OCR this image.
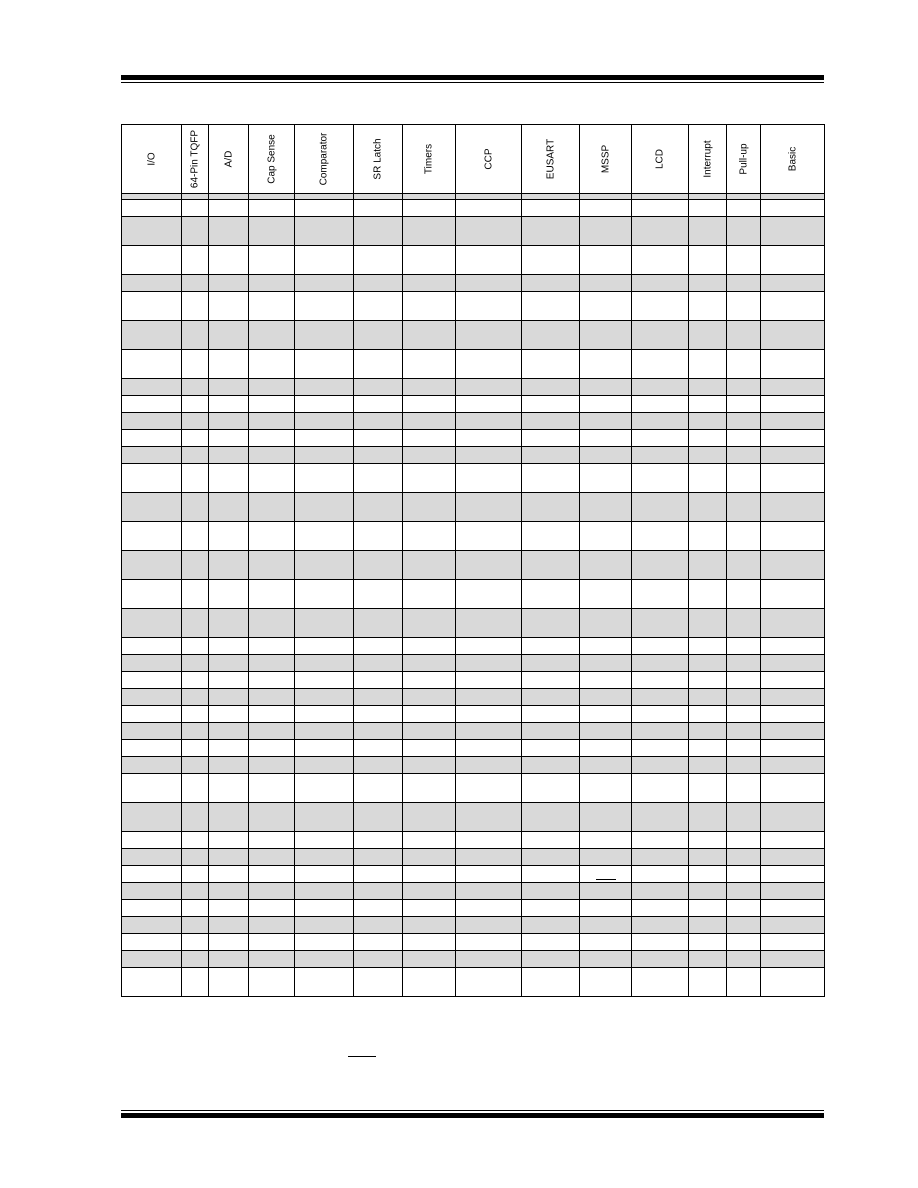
I/O	64-Pin TQFP	A/D	Cap Sense	Comparator	SR Latch	Timers	CCP	EUSART	MSSP	LCD	Interrupt	Pull-up	Basic
